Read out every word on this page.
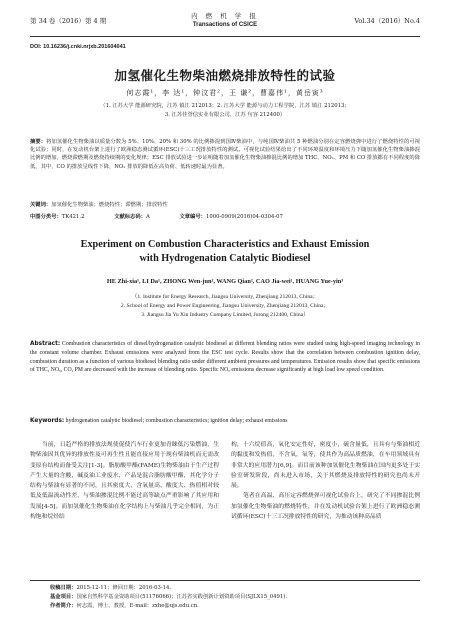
第 34 卷（2016）第 4 期
内 燃 机 学 报
Transactions of CSICE	Vol.34（2016）No.4
DOI: 10.16236/j.cnki.nrjxb.201604041
加氢催化生物柴油燃烧排放特性的试验
何志霞¹，李 达¹，钟汶君²，王 谦²，曹嘉伟¹，黄岳寅³
（1. 江苏大学 能源研究院，江苏 镇江 212013；2. 江苏大学 能源与动力工程学院，江苏 镇江 212013；
3. 江苏佳誉信实业有限公司，江苏 句容 212400）
摘要：将加氢催化生物柴油以质量分数为 5%、10%、20% 和 30% 的比例掺混到国Ⅳ柴油中，与纯国Ⅳ柴油共 5 种燃油分别在定容燃烧弹中进行了燃烧特性的可视化试验；同时，在发动机台架上进行了欧洲稳态测试循环(ESC)十三工况排放特性的测试。可视化试验结果给出了不同环境温度和环境压力下随加氢催化生物柴油掺混比例的增加，燃烧滞燃期及燃烧持续期的变化规律；ESC 排放试验进一步证明随着加氢催化生物柴油掺混比例的增加 THC、NOₓ、PM 和 CO 排放都有不同程度的降低，其中，CO 的排放呈线性下降，NOₓ 排放的降低在高负荷、低转速时最为显著。
关键词：加氢催化生物柴油；燃烧特性；滞燃期；排放特性
中图分类号：TK421.2	文献标志码：A	文章编号：1000-0909(2016)04-0304-07
Experiment on Combustion Characteristics and Exhaust Emission
with Hydrogenation Catalytic Biodiesel
HE Zhi-xia¹, LI Da¹, ZHONG Wen-jun², WANG Qian², CAO Jia-wei¹, HUANG Yue-yin³
（1. Institute for Energy Research, Jiangsu University, Zhenjiang 212013, China；
2. School of Energy and Power Engineering, Jiangsu University, Zhenjiang 212013, China；
3. Jiangsu Jia Yu Xin Industry Company Limited, Jurong 212400, China）
Abstract: Combustion characteristics of diesel/hydrogenation catalytic biodiesel at different blending ratios were studied using high-speed imaging technology in the constant volume chamber. Exhaust emissions were analyzed from the ESC test cycle. Results show that the correlation between combustion ignition delay, combustion duration as a function of various biodiesel blending ratio under different ambient pressures and temperatures. Emission results show that specific emissions of THC, NOₓ, CO, PM are decreased with the increase of blending ratio. Specific NOₓ emissions decrease significantly at high load low speed condition.
Keywords: hydrogenation catalytic biodiesel; combustion characteristics; ignition delay; exhaust emissions

当前，日趋严格的排放法规使促使汽车行业更加青睐低污染燃油，生物柴油因其优异的排放性及可再生性且能直接应用于现有柴油机而无需改变原有结构而备受关注[1-3]。脂肪酸甲酯(FAME)生物柴油由于生产过程产生大量的含酸、碱及油工业废水，产品是混合脂肪酸甲酯，其化学分子结构与柴油有显著的不同，且其密度大、含氧量高、酸度大、热值相对较低及低温流动性差，与柴油掺混比例不能过高等缺点严重影响了其应用和发展[4-5]。而加氢催化生物柴油在化学结构上与柴油几乎完全相同，为正构饱和烷烃结

构，十六烷值高，氧化安定性好，密度小，硫含量低，且具有与柴油相近的黏度和发热值，不含氧，氧等，使其作为高品质燃油，在车用领域具有非常大的应用潜力[6,9]。而目前该种加氢催化生物柴油在国内更多处于实验室研发阶段，尚未进入市场，关于其燃烧及排放特性的研究也尚未开展。

笔者在高温、高压定容燃烧弹可视化试验台上，研究了不同掺混比例加氢催化生物柴油的燃烧特性，并在发动机试验台架上进行了欧洲稳态测试循环(ESC)十三工况排放特性的研究，为推动该种高品质

收稿日期：2015-12-11；修回日期：2016-03-14.
基金项目：国家自然科学基金资助项目(51176066)；江苏省实践创新计划资助项目(SJLX15_0491).
作者简介：何志霞，博士，教授，E-mail：zxhe@ujs.edu.cn.
